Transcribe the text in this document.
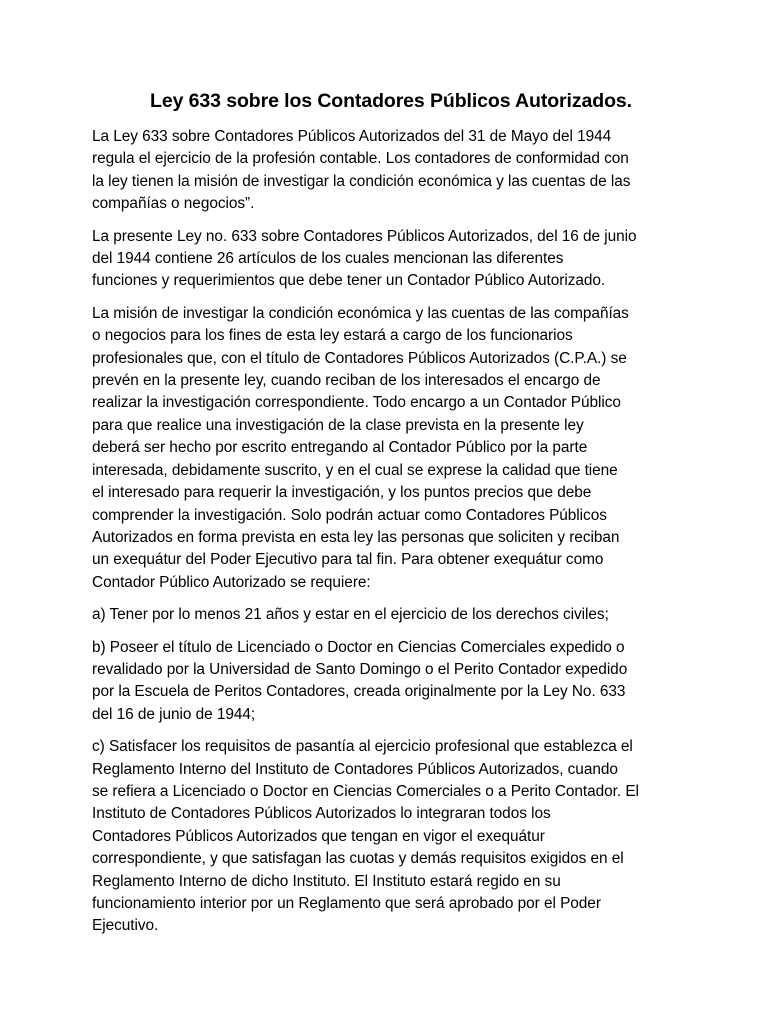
Ley 633 sobre los Contadores Públicos Autorizados.

La Ley 633 sobre Contadores Públicos Autorizados del 31 de Mayo del 1944
regula el ejercicio de la profesión contable. Los contadores de conformidad con
la ley tienen la misión de investigar la condición económica y las cuentas de las
compañías o negocios”.

La presente Ley no. 633 sobre Contadores Públicos Autorizados, del 16 de junio
del 1944 contiene 26 artículos de los cuales mencionan las diferentes
funciones y requerimientos que debe tener un Contador Público Autorizado.

La misión de investigar la condición económica y las cuentas de las compañías
o negocios para los fines de esta ley estará a cargo de los funcionarios
profesionales que, con el título de Contadores Públicos Autorizados (C.P.A.) se
prevén en la presente ley, cuando reciban de los interesados el encargo de
realizar la investigación correspondiente. Todo encargo a un Contador Público
para que realice una investigación de la clase prevista en la presente ley
deberá ser hecho por escrito entregando al Contador Público por la parte
interesada, debidamente suscrito, y en el cual se exprese la calidad que tiene
el interesado para requerir la investigación, y los puntos precios que debe
comprender la investigación. Solo podrán actuar como Contadores Públicos
Autorizados en forma prevista en esta ley las personas que soliciten y reciban
un exequátur del Poder Ejecutivo para tal fin. Para obtener exequátur como
Contador Público Autorizado se requiere:

a) Tener por lo menos 21 años y estar en el ejercicio de los derechos civiles;

b) Poseer el título de Licenciado o Doctor en Ciencias Comerciales expedido o
revalidado por la Universidad de Santo Domingo o el Perito Contador expedido
por la Escuela de Peritos Contadores, creada originalmente por la Ley No. 633
del 16 de junio de 1944;

c) Satisfacer los requisitos de pasantía al ejercicio profesional que establezca el
Reglamento Interno del Instituto de Contadores Públicos Autorizados, cuando
se refiera a Licenciado o Doctor en Ciencias Comerciales o a Perito Contador. El
Instituto de Contadores Públicos Autorizados lo integraran todos los
Contadores Públicos Autorizados que tengan en vigor el exequátur
correspondiente, y que satisfagan las cuotas y demás requisitos exigidos en el
Reglamento Interno de dicho Instituto. El Instituto estará regido en su
funcionamiento interior por un Reglamento que será aprobado por el Poder
Ejecutivo.
